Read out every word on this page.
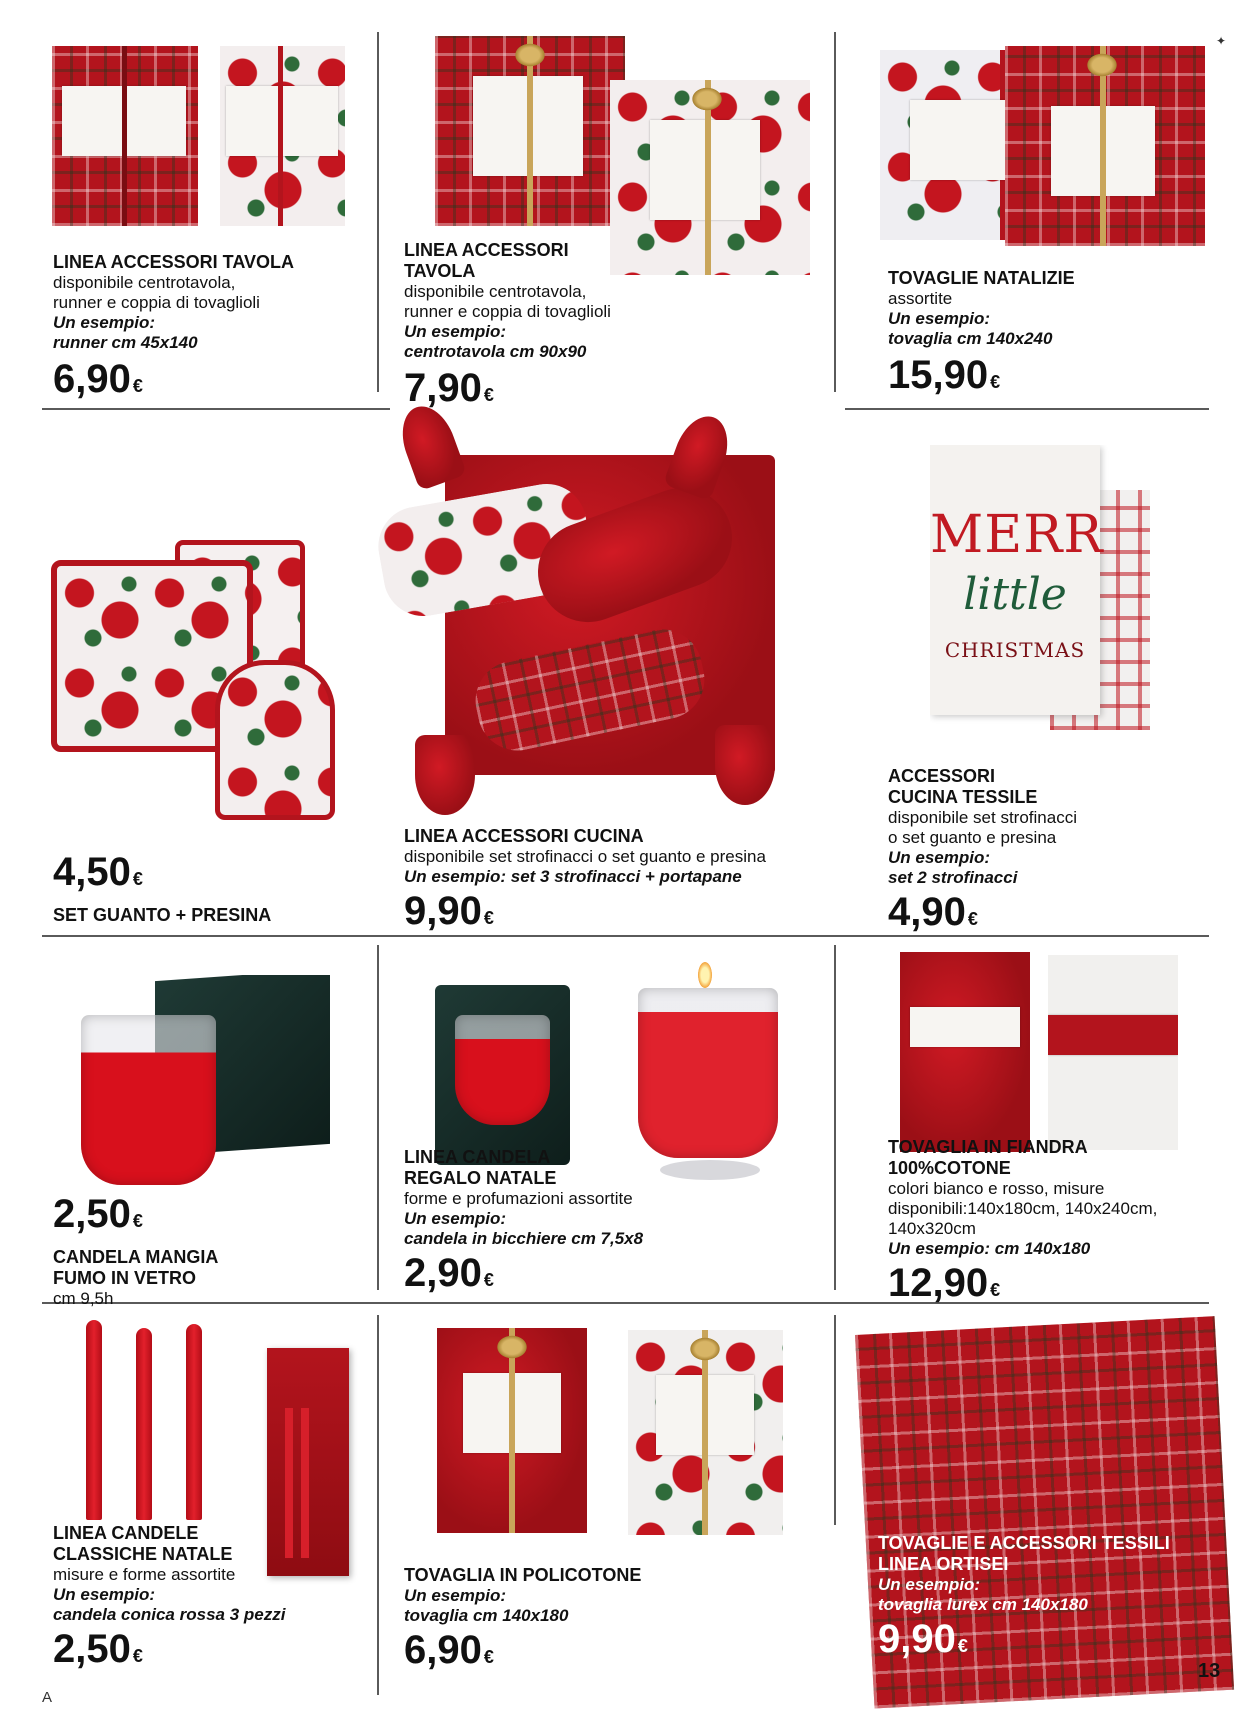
✦
LINEA ACCESSORI TAVOLA
disponibile centrotavola,
runner e coppia di tovaglioli
Un esempio:
runner cm 45x140
6,90 €
LINEA ACCESSORI
TAVOLA
disponibile centrotavola,
runner e coppia di tovaglioli
Un esempio:
centrotavola cm 90x90
7,90 €
TOVAGLIE NATALIZIE
assortite
Un esempio:
tovaglia cm 140x240
15,90 €
4,50 €
SET GUANTO + PRESINA
LINEA ACCESSORI CUCINA
disponibile set strofinacci o set guanto e presina
Un esempio: set 3 strofinacci + portapane
9,90 €
MERR
little
CHRISTMAS
ACCESSORI
CUCINA TESSILE
disponibile set strofinacci
o set guanto e presina
Un esempio:
set 2 strofinacci
4,90 €
2,50 €
CANDELA MANGIA
FUMO IN VETRO
cm 9,5h
LINEA CANDELA
REGALO NATALE
forme e profumazioni assortite
Un esempio:
candela in bicchiere cm 7,5x8
2,90 €
TOVAGLIA IN FIANDRA
100%COTONE
colori bianco e rosso, misure
disponibili:140x180cm, 140x240cm,
140x320cm
Un esempio: cm 140x180
12,90 €
LINEA CANDELE
CLASSICHE NATALE
misure e forme assortite
Un esempio:
candela conica rossa 3 pezzi
2,50 €
TOVAGLIA IN POLICOTONE
Un esempio:
tovaglia cm 140x180
6,90 €
TOVAGLIE E ACCESSORI TESSILI
LINEA ORTISEI
Un esempio:
tovaglia lurex cm 140x180
9,90 €
A
13
